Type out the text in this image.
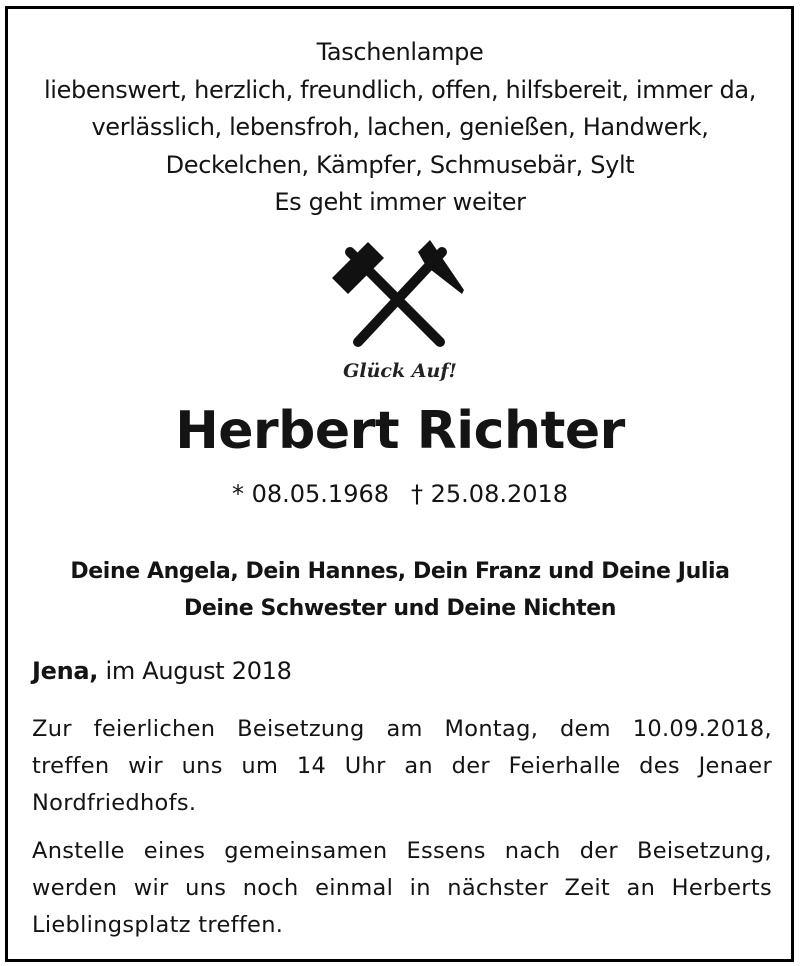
Taschenlampe
liebenswert, herzlich, freundlich, offen, hilfsbereit, immer da,
verlässlich, lebensfroh, lachen, genießen, Handwerk,
Deckelchen, Kämpfer, Schmusebär, Sylt
Es geht immer weiter
Glück Auf!
Herbert Richter
* 08.05.1968 † 25.08.2018
Deine Angela, Dein Hannes, Dein Franz und Deine Julia
Deine Schwester und Deine Nichten
Jena, im August 2018
Zur feierlichen Beisetzung am Montag, dem 10.09.2018,
treffen wir uns um 14 Uhr an der Feierhalle des Jenaer
Nordfriedhofs.
Anstelle eines gemeinsamen Essens nach der Beisetzung,
werden wir uns noch einmal in nächster Zeit an Herberts
Lieblingsplatz treffen.
